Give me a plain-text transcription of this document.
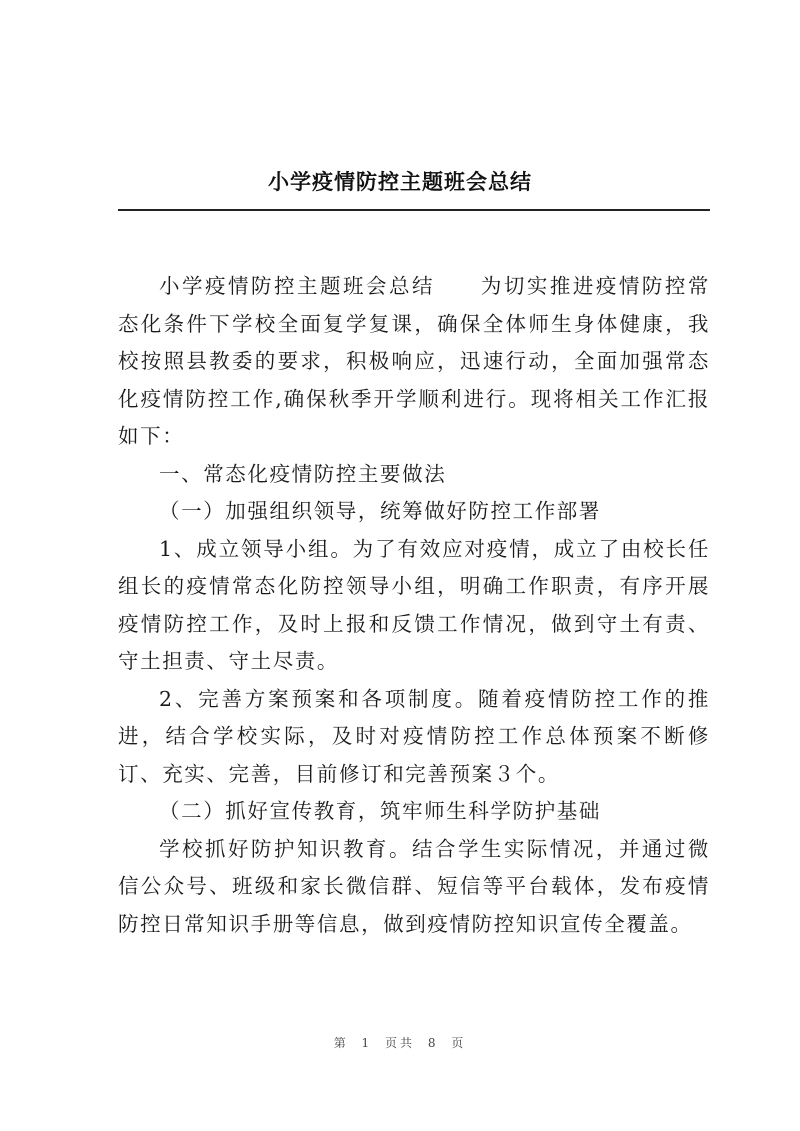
小学疫情防控主题班会总结

小学疫情防控主题班会总结　　为切实推进疫情防控常态化条件下学校全面复学复课，确保全体师生身体健康，我校按照县教委的要求，积极响应，迅速行动，全面加强常态化疫情防控工作,确保秋季开学顺利进行。现将相关工作汇报如下：

一、常态化疫情防控主要做法

（一）加强组织领导，统筹做好防控工作部署

1、成立领导小组。为了有效应对疫情，成立了由校长任组长的疫情常态化防控领导小组，明确工作职责，有序开展疫情防控工作，及时上报和反馈工作情况，做到守土有责、守土担责、守土尽责。

2、完善方案预案和各项制度。随着疫情防控工作的推进，结合学校实际，及时对疫情防控工作总体预案不断修订、充实、完善，目前修订和完善预案３个。

（二）抓好宣传教育，筑牢师生科学防护基础

学校抓好防护知识教育。结合学生实际情况，并通过微信公众号、班级和家长微信群、短信等平台载体，发布疫情防控日常知识手册等信息，做到疫情防控知识宣传全覆盖。

第 1 页共 8 页
